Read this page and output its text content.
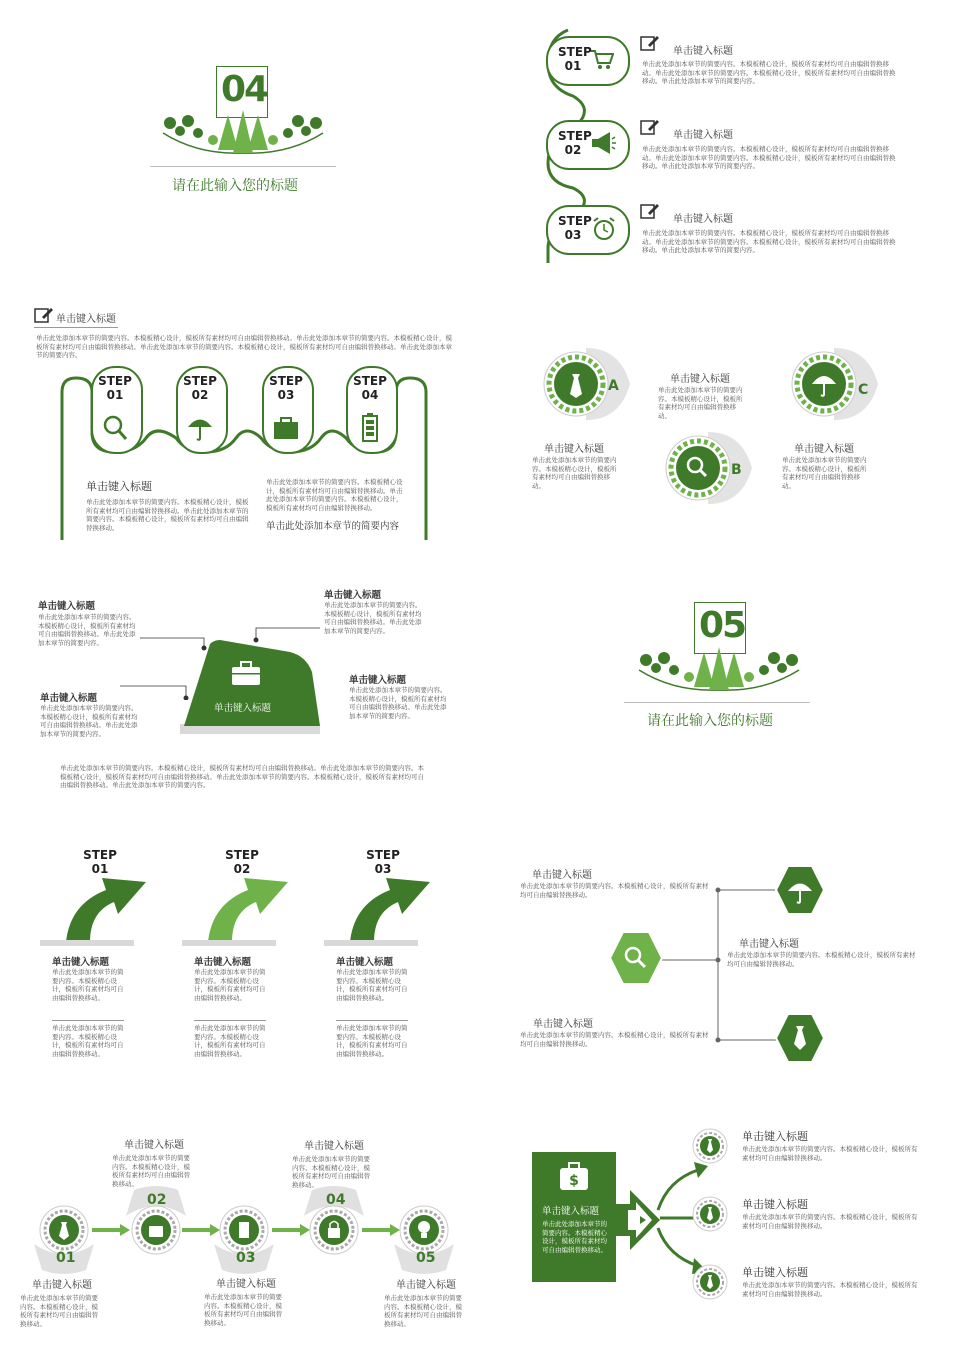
04
请在此输入您的标题
STEP
01
STEP
02
STEP
03
单击键入标题
单击此处添加本章节的简要内容。本模板精心设计，模板所有素材均可自由编辑替换移动。单击此处添加本章节的简要内容。本模板精心设计，模板所有素材均可自由编辑替换移动。单击此处添加本章节的简要内容。
单击键入标题
单击此处添加本章节的简要内容。本模板精心设计，模板所有素材均可自由编辑替换移动。单击此处添加本章节的简要内容。本模板精心设计，模板所有素材均可自由编辑替换移动。单击此处添加本章节的简要内容。
单击键入标题
单击此处添加本章节的简要内容。本模板精心设计，模板所有素材均可自由编辑替换移动。单击此处添加本章节的简要内容。本模板精心设计，模板所有素材均可自由编辑替换移动。单击此处添加本章节的简要内容。
单击键入标题
单击此处添加本章节的简要内容。本模板精心设计，模板所有素材均可自由编辑替换移动。单击此处添加本章节的简要内容。本模板精心设计，模板所有素材均可自由编辑替换移动。单击此处添加本章节的简要内容。本模板精心设计，模板所有素材均可自由编辑替换移动。单击此处添加本章节的简要内容。
STEP
01
STEP
02
STEP
03
STEP
04
单击键入标题
单击此处添加本章节的简要内容。本模板精心设计，模板所有素材均可自由编辑替换移动。单击此处添加本章节的简要内容。本模板精心设计，模板所有素材均可自由编辑替换移动。
单击此处添加本章节的简要内容。本模板精心设计，模板所有素材均可自由编辑替换移动。单击此处添加本章节的简要内容。本模板精心设计，模板所有素材均可自由编辑替换移动。
单击此处添加本章节的简要内容
A
单击键入标题
单击此处添加本章节的简要内容。本模板精心设计，模板所有素材均可自由编辑替换移动。
单击键入标题
单击此处添加本章节的简要内容。本模板精心设计，模板所有素材均可自由编辑替换移动。
B
C
单击键入标题
单击此处添加本章节的简要内容。本模板精心设计，模板所有素材均可自由编辑替换移动。
单击键入标题
单击键入标题
单击此处添加本章节的简要内容。本模板精心设计，模板所有素材均可自由编辑替换移动。单击此处添加本章节的简要内容。
单击键入标题
单击此处添加本章节的简要内容。本模板精心设计，模板所有素材均可自由编辑替换移动。单击此处添加本章节的简要内容。
单击键入标题
单击此处添加本章节的简要内容。本模板精心设计，模板所有素材均可自由编辑替换移动。单击此处添加本章节的简要内容。
单击键入标题
单击此处添加本章节的简要内容。本模板精心设计，模板所有素材均可自由编辑替换移动。单击此处添加本章节的简要内容。
单击此处添加本章节的简要内容。本模板精心设计，模板所有素材均可自由编辑替换移动。单击此处添加本章节的简要内容。本模板精心设计，模板所有素材均可自由编辑替换移动。单击此处添加本章节的简要内容。本模板精心设计，模板所有素材均可自由编辑替换移动。单击此处添加本章节的简要内容。
05
请在此输入您的标题
STEP
01
STEP
02
STEP
03
单击键入标题
单击此处添加本章节的简要内容。本模板精心设计，模板所有素材均可自由编辑替换移动。
单击此处添加本章节的简要内容。本模板精心设计，模板所有素材均可自由编辑替换移动。
单击键入标题
单击此处添加本章节的简要内容。本模板精心设计，模板所有素材均可自由编辑替换移动。
单击此处添加本章节的简要内容。本模板精心设计，模板所有素材均可自由编辑替换移动。
单击键入标题
单击此处添加本章节的简要内容。本模板精心设计，模板所有素材均可自由编辑替换移动。
单击此处添加本章节的简要内容。本模板精心设计，模板所有素材均可自由编辑替换移动。
单击键入标题
单击此处添加本章节的简要内容。本模板精心设计，模板所有素材均可自由编辑替换移动。
单击键入标题
单击此处添加本章节的简要内容。本模板精心设计，模板所有素材均可自由编辑替换移动。
单击键入标题
单击此处添加本章节的简要内容。本模板精心设计，模板所有素材均可自由编辑替换移动。
01
02
03
04
05
单击键入标题
单击此处添加本章节的简要内容。本模板精心设计，模板所有素材均可自由编辑替换移动。
单击键入标题
单击此处添加本章节的简要内容。本模板精心设计，模板所有素材均可自由编辑替换移动。
单击键入标题
单击此处添加本章节的简要内容。本模板精心设计，模板所有素材均可自由编辑替换移动。
单击键入标题
单击此处添加本章节的简要内容。本模板精心设计，模板所有素材均可自由编辑替换移动。
单击键入标题
单击此处添加本章节的简要内容。本模板精心设计，模板所有素材均可自由编辑替换移动。
$
单击键入标题
单击此处添加本章节的简要内容。本模板精心设计，模板所有素材均可自由编辑替换移动。
单击键入标题
单击此处添加本章节的简要内容。本模板精心设计，模板所有素材均可自由编辑替换移动。
单击键入标题
单击此处添加本章节的简要内容。本模板精心设计，模板所有素材均可自由编辑替换移动。
单击键入标题
单击此处添加本章节的简要内容。本模板精心设计，模板所有素材均可自由编辑替换移动。
